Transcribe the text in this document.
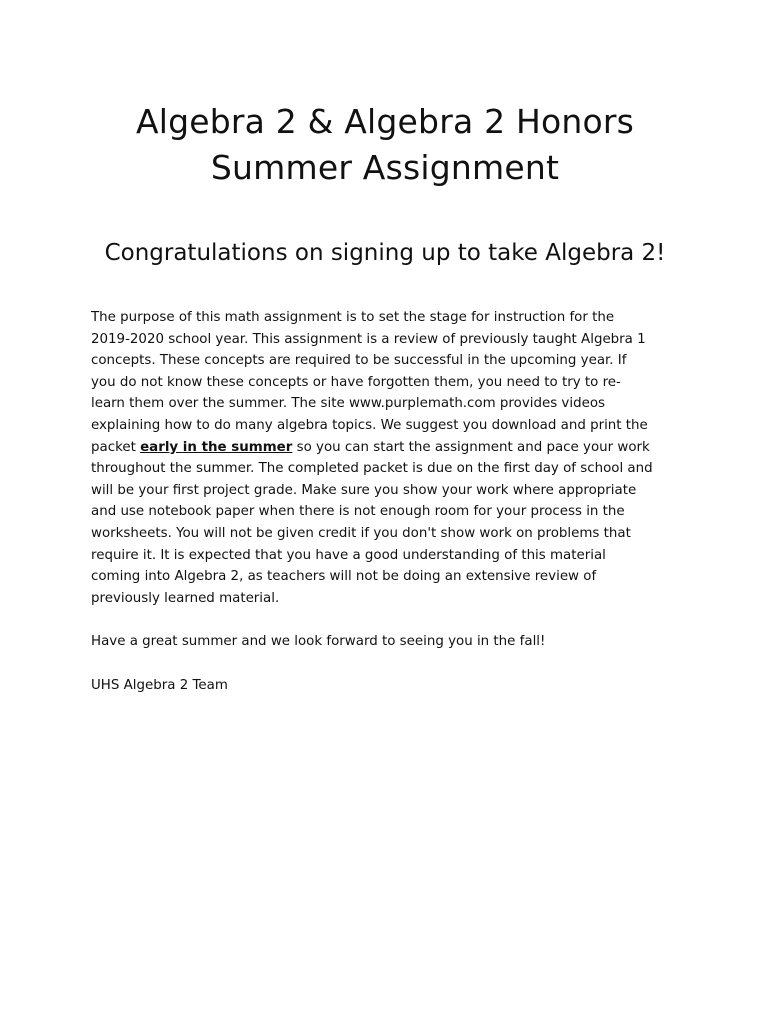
Algebra 2 & Algebra 2 Honors
Summer Assignment
Congratulations on signing up to take Algebra 2!
The purpose of this math assignment is to set the stage for instruction for the
2019-2020 school year. This assignment is a review of previously taught Algebra 1
concepts. These concepts are required to be successful in the upcoming year. If
you do not know these concepts or have forgotten them, you need to try to re-
learn them over the summer. The site www.purplemath.com provides videos
explaining how to do many algebra topics. We suggest you download and print the
packet early in the summer so you can start the assignment and pace your work
throughout the summer. The completed packet is due on the first day of school and
will be your first project grade. Make sure you show your work where appropriate
and use notebook paper when there is not enough room for your process in the
worksheets. You will not be given credit if you don't show work on problems that
require it. It is expected that you have a good understanding of this material
coming into Algebra 2, as teachers will not be doing an extensive review of
previously learned material.

Have a great summer and we look forward to seeing you in the fall!

UHS Algebra 2 Team
